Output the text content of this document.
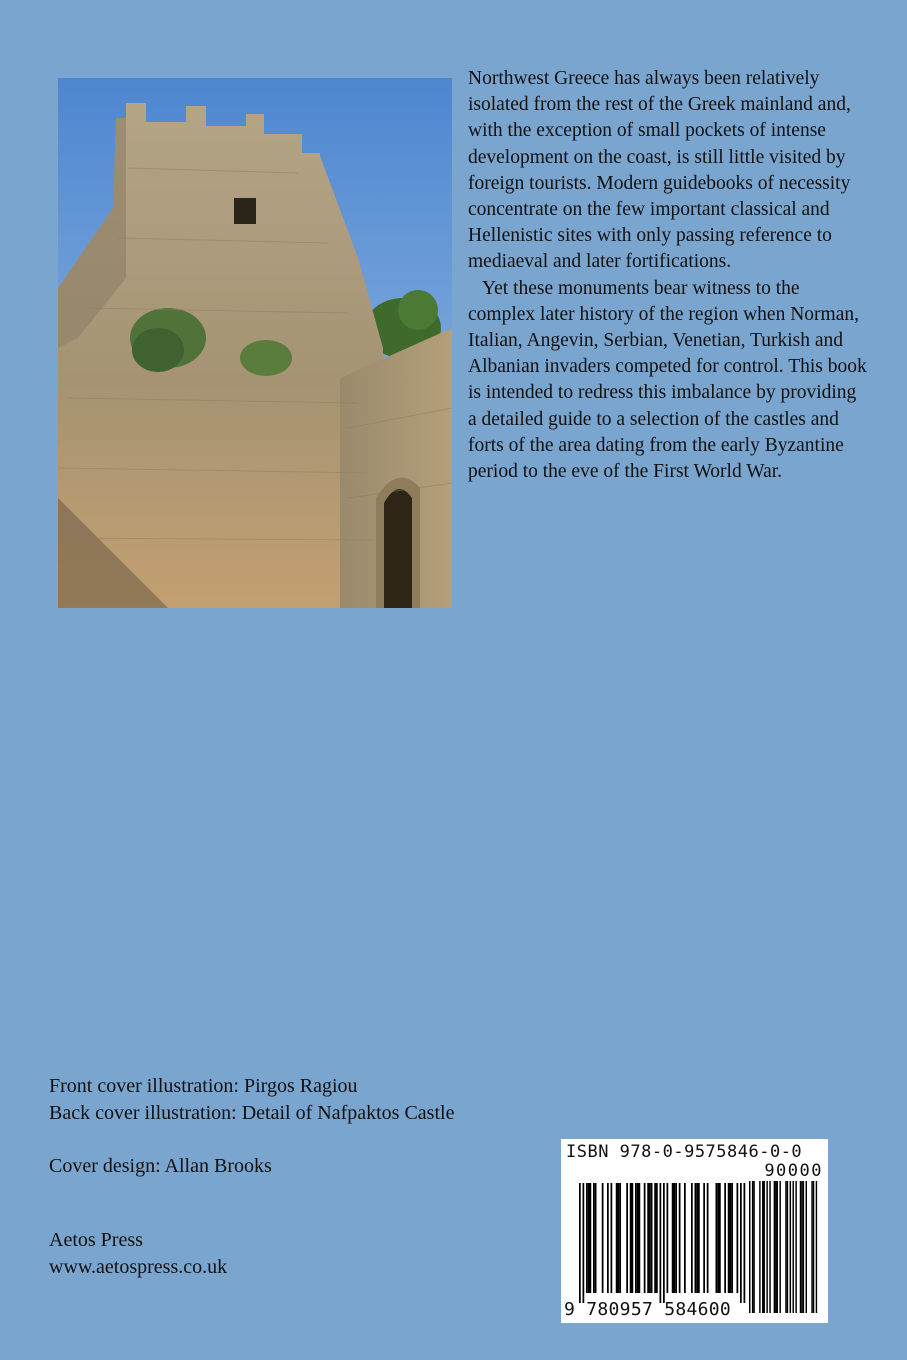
Northwest Greece has always been relatively isolated from the rest of the Greek mainland and, with the exception of small pockets of intense development on the coast, is still little visited by foreign tourists. Modern guidebooks of necessity concentrate on the few important classical and Hellenistic sites with only passing reference to mediaeval and later fortifications.

Yet these monuments bear witness to the complex later history of the region when Norman, Italian, Angevin, Serbian, Venetian, Turkish and Albanian invaders competed for control. This book is intended to redress this imbalance by providing a detailed guide to a selection of the castles and forts of the area dating from the early Byzantine period to the eve of the First World War.

Front cover illustration: Pirgos Ragiou
Back cover illustration: Detail of Nafpaktos Castle
Cover design: Allan Brooks
Aetos Press
www.aetospress.co.uk
ISBN 978-0-9575846-0-0
90000
9 780957 584600
